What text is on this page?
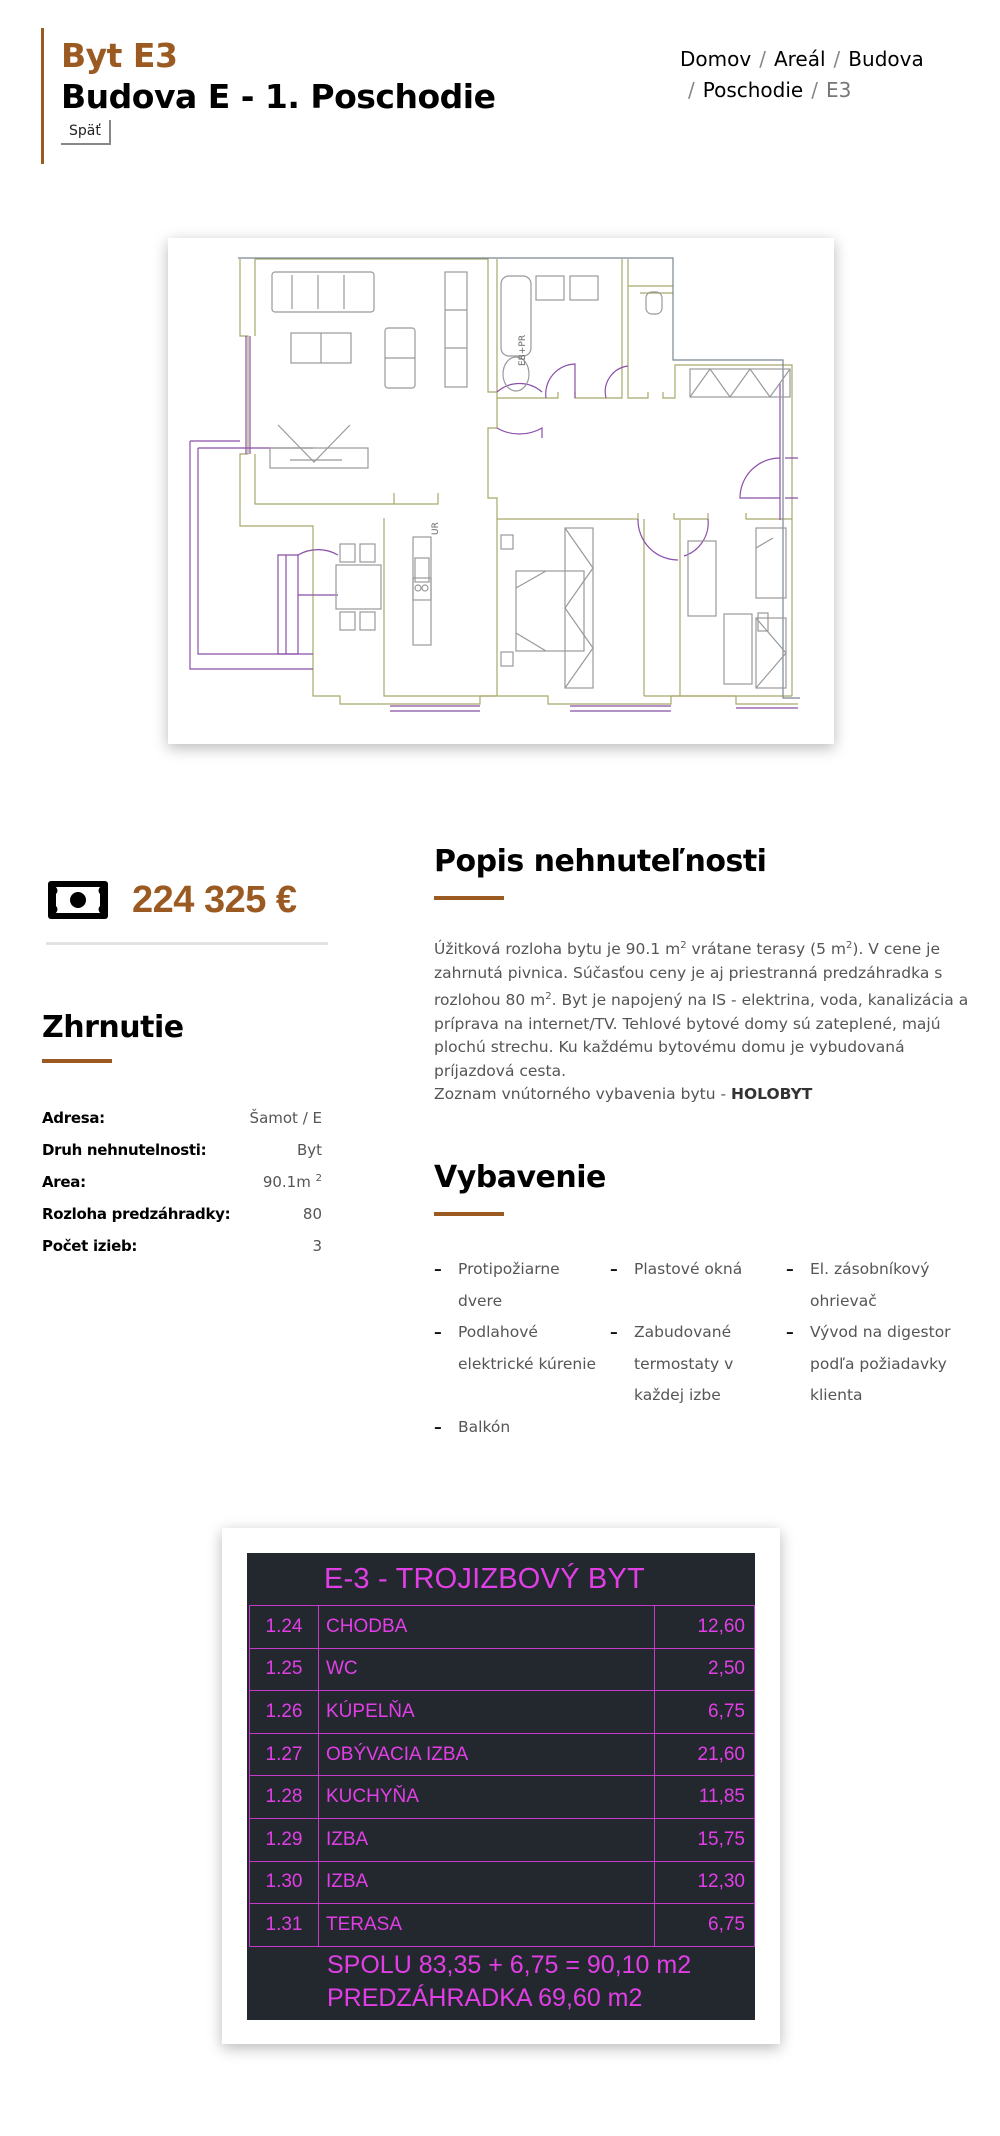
Byt E3
Budova E - 1. Poschodie
Späť
Domov / Areál / Budova
/ Poschodie / E3
EB+PR
UR
224 325 €
Zhrnutie
Adresa:	Šamot / E
Druh nehnutelnosti:	Byt
Area:	90.1m $^2$
Rozloha predzáhradky:	80
Počet izieb:	3
Popis nehnuteľnosti
Úžitková rozloha bytu je 90.1 $m^2$ vrátane terasy (5 $m^2$). V cene je zahrnutá pivnica. Súčasťou ceny je aj priestranná predzáhradka s rozlohou 80 $m^2$. Byt je napojený na IS - elektrina, voda, kanalizácia a príprava na internet/TV. Tehlové bytové domy sú zateplené, majú plochú strechu. Ku každému bytovému domu je vybudovaná príjazdová cesta.
Zoznam vnútorného vybavenia bytu - HOLOBYT
Vybavenie
–	Protipožiarne dvere
–	Plastové okná	–	El. zásobníkový ohrievač
–	Podlahové elektrické kúrenie
–	Zabudované termostaty v každej izbe
–	Vývod na digestor podľa požiadavky klienta
–	Balkón
E-3 - TROJIZBOVÝ BYT
1.24	CHODBA	12,60
1.25	WC	2,50
1.26	KÚPELŇA	6,75
1.27	OBÝVACIA IZBA	21,60
1.28	KUCHYŇA	11,85
1.29	IZBA	15,75
1.30	IZBA	12,30
1.31	TERASA	6,75
SPOLU 83,35 + 6,75 = 90,10 m2
PREDZÁHRADKA 69,60 m2
